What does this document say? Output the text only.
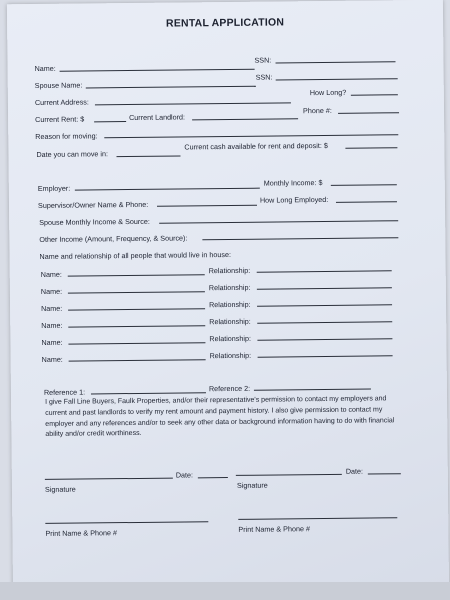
RENTAL APPLICATION
Name:
SSN:
Spouse Name:
SSN:
How Long?
Current Address:
Current Rent: $	Current Landlord:
Phone #:
Reason for moving:
Date you can move in:
Current cash available for rent and deposit: $
Employer:
Monthly Income: $
Supervisor/Owner Name & Phone:
How Long Employed:
Spouse Monthly Income & Source:
Other Income (Amount, Frequency, & Source):
Name and relationship of all people that would live in house:
Name:	Relationship:
Name:	Relationship:
Name:	Relationship:
Name:	Relationship:
Name:	Relationship:
Name:	Relationship:
Reference 1:	Reference 2:
I give Fall Line Buyers, Faulk Properties, and/or their representative's permission to contact my employers and current and past landlords to verify my rent amount and payment history. I also give permission to contact my employer and any references and/or to seek any other data or background information having to do with financial ability and/or credit worthiness.
Date:	Date:
Signature	Signature
Print Name & Phone #	Print Name & Phone #
